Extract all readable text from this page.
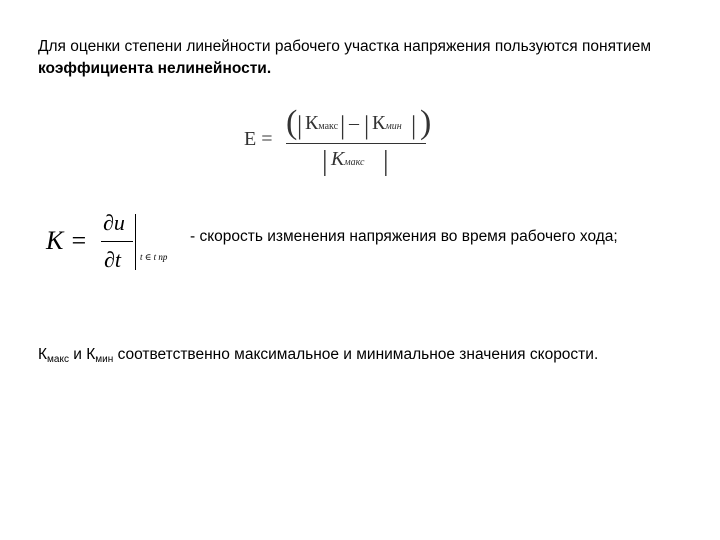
Для оценки степени линейности рабочего участка напряжения пользуются понятием коэффициента нелинейности.

E = ( | Кмакс | – | Кмин | )
| Кмакс |
K =
∂u
∂t t ∈ t пр
- скорость изменения напряжения во время рабочего хода;
$К_{макс}$ и $К_{мин}$ соответственно максимальное и минимальное значения скорости.
